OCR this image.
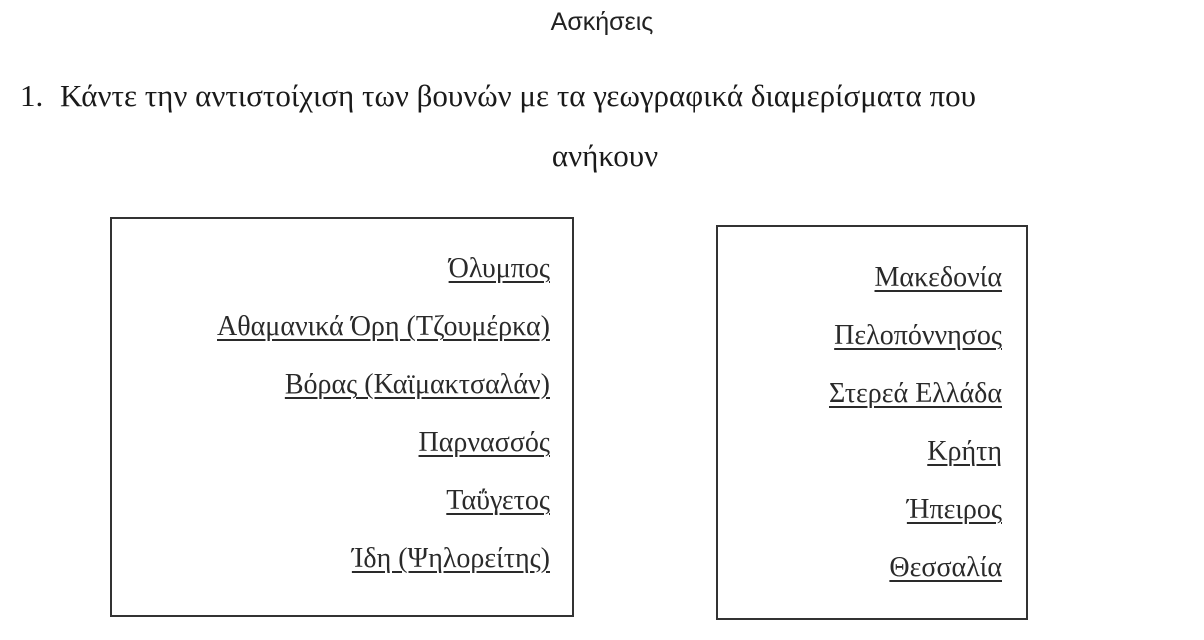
Ασκήσεις
1. Κάντε την αντιστοίχιση των βουνών με τα γεωγραφικά διαμερίσματα που
ανήκουν
Όλυμπος
Αθαμανικά Όρη (Τζουμέρκα)
Βόρας (Καϊμακτσαλάν)
Παρνασσός
Ταΰγετος
Ίδη (Ψηλορείτης)
Μακεδονία
Πελοπόννησος
Στερεά Ελλάδα
Κρήτη
Ήπειρος
Θεσσαλία
